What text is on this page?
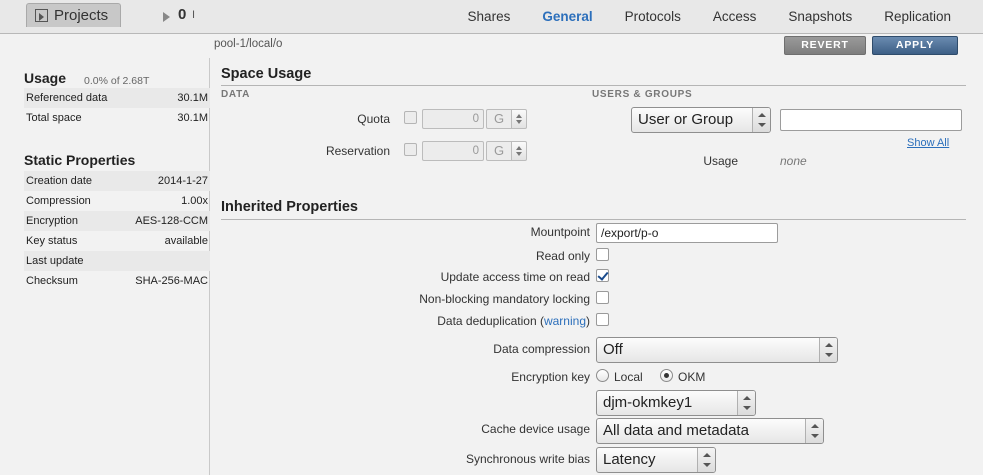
Projects	0 I	Shares	General	Protocols	Access	Snapshots	Replication
pool-1/local/o	REVERT	APPLY
Usage 0.0% of 2.68T
Referenced data	30.1M
Total space	30.1M
Static Properties
Creation date	2014-1-27
Compression	1.00x
Encryption	AES-128-CCM
Key status	available
Last update
Checksum	SHA-256-MAC
Space Usage
DATA	USERS & GROUPS
Quota	0	G
Reservation	0	G
User or Group
Show All
Usage	none
Inherited Properties
Mountpoint /export/p-o
Read only
Update access time on read
Non-blocking mandatory locking
Data deduplication (warning)
Data compression Off
Encryption key Local	OKM
djm-okmkey1
Cache device usage All data and metadata
Synchronous write bias Latency
